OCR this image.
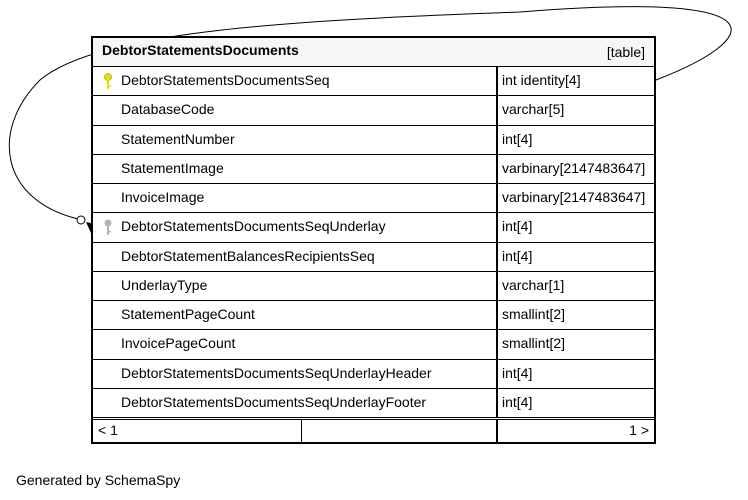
DebtorStatementsDocuments	[table]
DebtorStatementsDocumentsSeq	int identity[4]
DatabaseCode	varchar[5]
StatementNumber	int[4]
StatementImage	varbinary[2147483647]
InvoiceImage	varbinary[2147483647]
DebtorStatementsDocumentsSeqUnderlay	int[4]
DebtorStatementBalancesRecipientsSeq	int[4]
UnderlayType	varchar[1]
StatementPageCount	smallint[2]
InvoicePageCount	smallint[2]
DebtorStatementsDocumentsSeqUnderlayHeader	int[4]
DebtorStatementsDocumentsSeqUnderlayFooter	int[4]
< 1	1 >
Generated by SchemaSpy
